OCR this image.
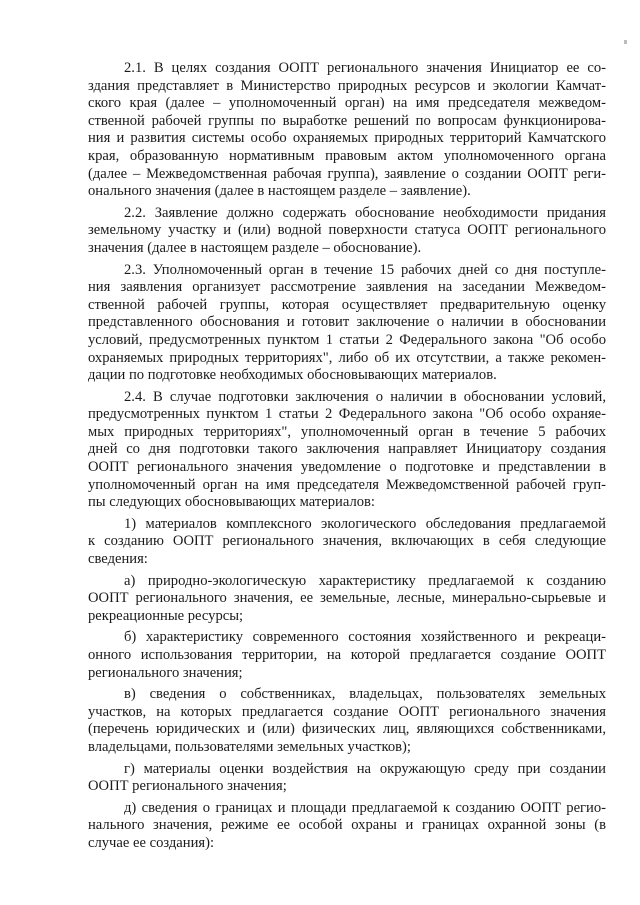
2.1. В целях создания ООПТ регионального значения Инициатор ее со-
здания представляет в Министерство природных ресурсов и экологии Камчат-
ского края (далее – уполномоченный орган) на имя председателя межведом-
ственной рабочей группы по выработке решений по вопросам функционирова-
ния и развития системы особо охраняемых природных территорий Камчатского
края, образованную нормативным правовым актом уполномоченного органа
(далее – Межведомственная рабочая группа), заявление о создании ООПТ реги-
онального значения (далее в настоящем разделе – заявление).
2.2. Заявление должно содержать обоснование необходимости придания
земельному участку и (или) водной поверхности статуса ООПТ регионального
значения (далее в настоящем разделе – обоснование).
2.3. Уполномоченный орган в течение 15 рабочих дней со дня поступле-
ния заявления организует рассмотрение заявления на заседании Межведом-
ственной рабочей группы, которая осуществляет предварительную оценку
представленного обоснования и готовит заключение о наличии в обосновании
условий, предусмотренных пунктом 1 статьи 2 Федерального закона "Об особо
охраняемых природных территориях", либо об их отсутствии, а также рекомен-
дации по подготовке необходимых обосновывающих материалов.
2.4. В случае подготовки заключения о наличии в обосновании условий,
предусмотренных пунктом 1 статьи 2 Федерального закона "Об особо охраняе-
мых природных территориях", уполномоченный орган в течение 5 рабочих
дней со дня подготовки такого заключения направляет Инициатору создания
ООПТ регионального значения уведомление о подготовке и представлении в
уполномоченный орган на имя председателя Межведомственной рабочей груп-
пы следующих обосновывающих материалов:
1) материалов комплексного экологического обследования предлагаемой
к созданию ООПТ регионального значения, включающих в себя следующие
сведения:
а) природно-экологическую характеристику предлагаемой к созданию
ООПТ регионального значения, ее земельные, лесные, минерально-сырьевые и
рекреационные ресурсы;
б) характеристику современного состояния хозяйственного и рекреаци-
онного использования территории, на которой предлагается создание ООПТ
регионального значения;
в) сведения о собственниках, владельцах, пользователях земельных
участков, на которых предлагается создание ООПТ регионального значения
(перечень юридических и (или) физических лиц, являющихся собственниками,
владельцами, пользователями земельных участков);
г) материалы оценки воздействия на окружающую среду при создании
ООПТ регионального значения;
д) сведения о границах и площади предлагаемой к созданию ООПТ регио-
нального значения, режиме ее особой охраны и границах охранной зоны (в
случае ее создания):
